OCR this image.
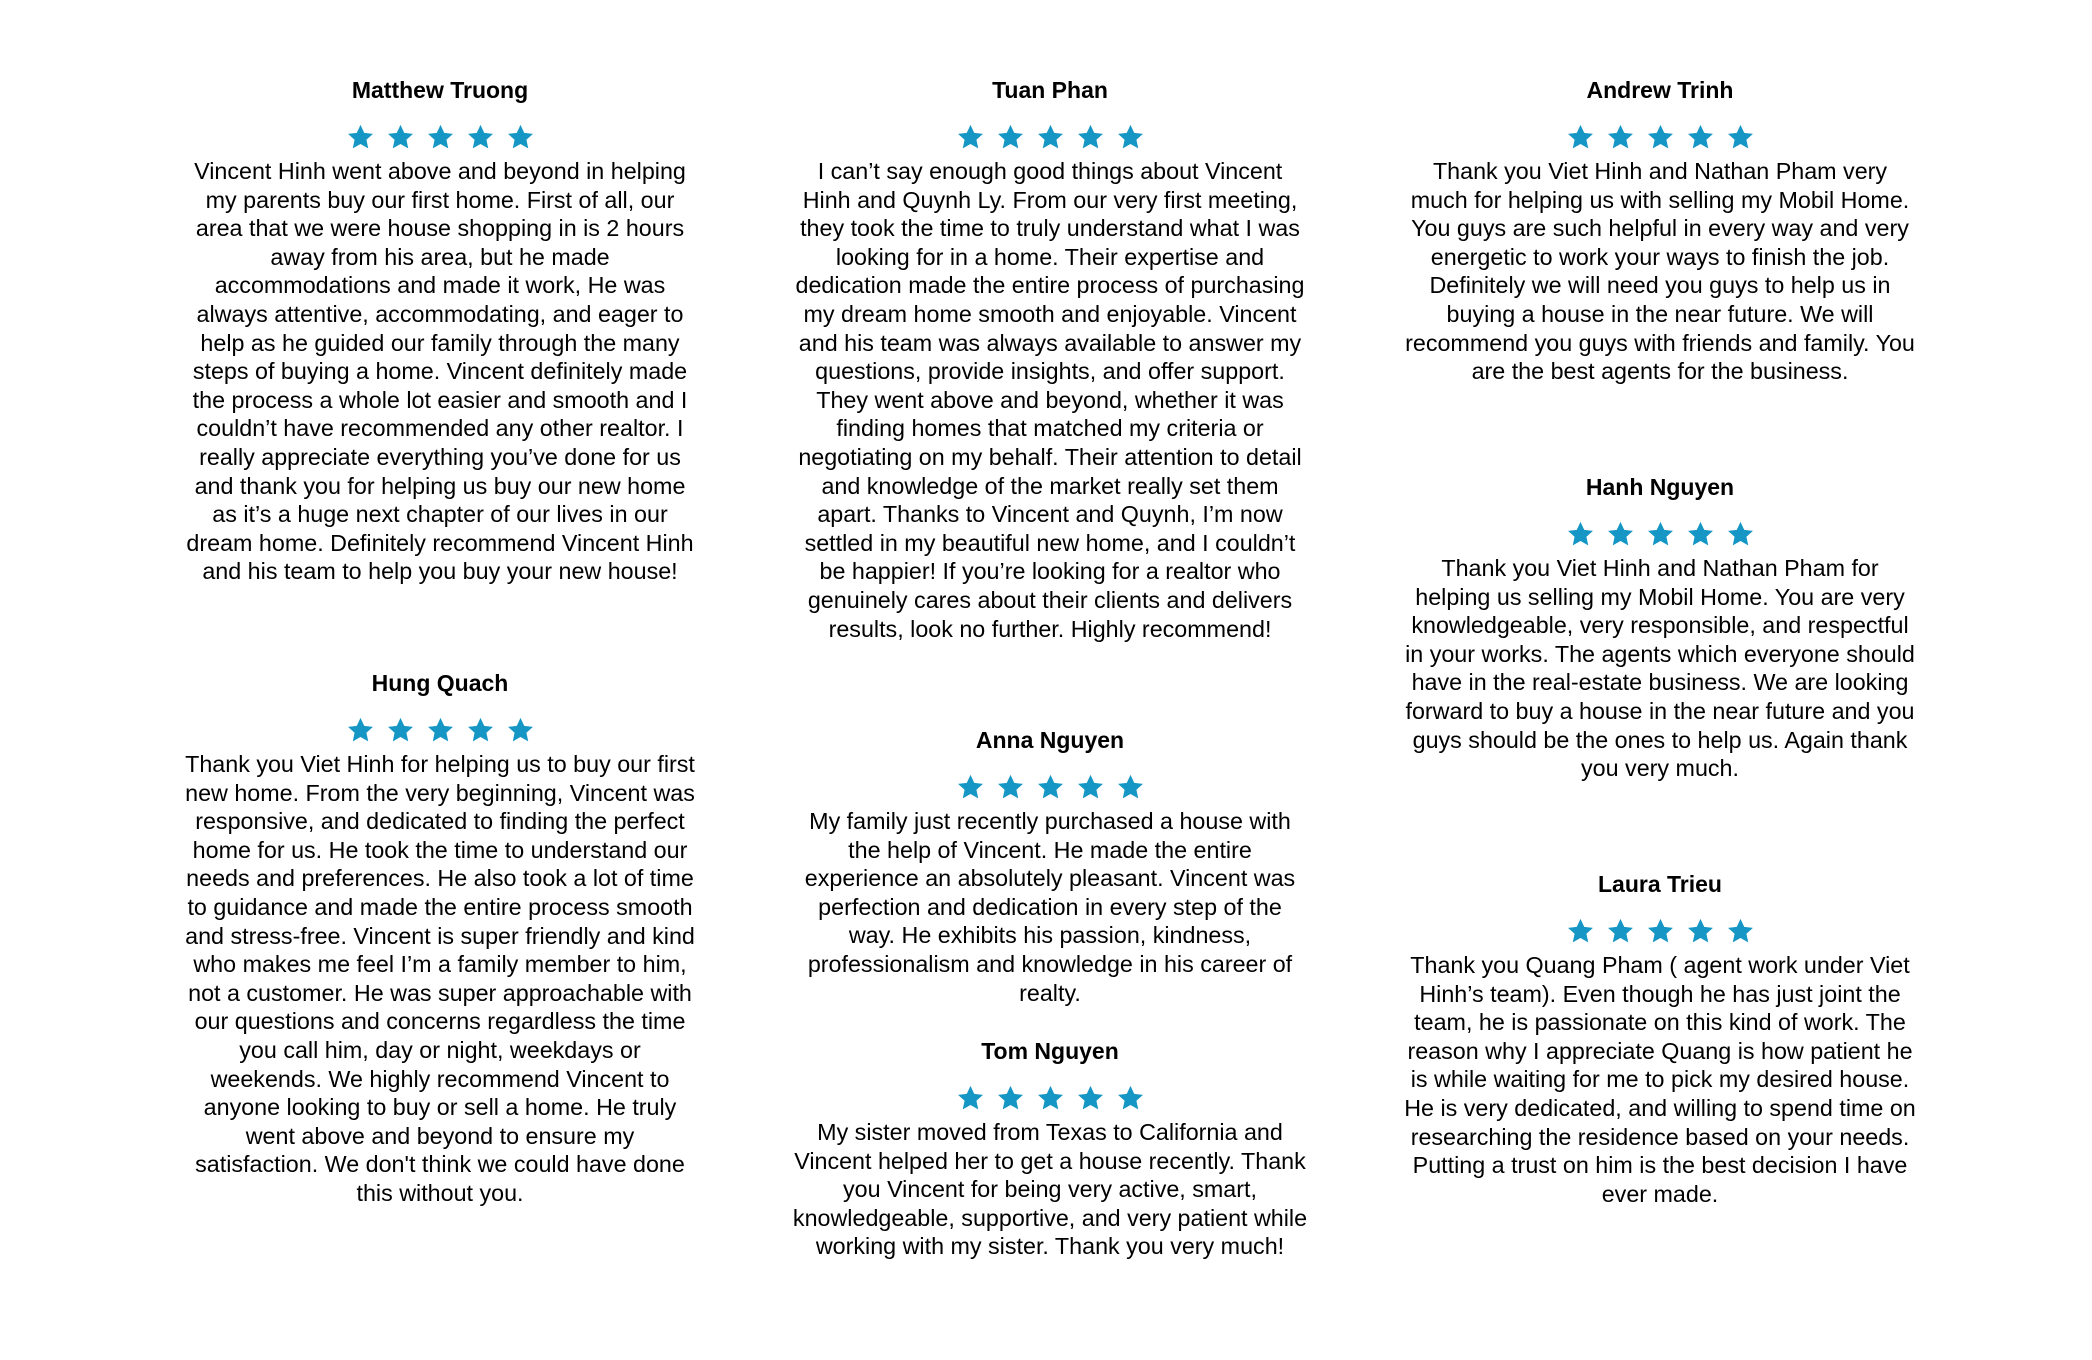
Matthew Truong

Vincent Hinh went above and beyond in helping my parents buy our first home. First of all, our area that we were house shopping in is 2 hours away from his area, but he made accommodations and made it work, He was always attentive, accommodating, and eager to help as he guided our family through the many steps of buying a home. Vincent definitely made the process a whole lot easier and smooth and I couldn’t have recommended any other realtor. I really appreciate everything you’ve done for us and thank you for helping us buy our new home as it’s a huge next chapter of our lives in our dream home. Definitely recommend Vincent Hinh and his team to help you buy your new house!

Hung Quach

Thank you Viet Hinh for helping us to buy our first new home. From the very beginning, Vincent was responsive, and dedicated to finding the perfect home for us. He took the time to understand our needs and preferences. He also took a lot of time to guidance and made the entire process smooth and stress-free. Vincent is super friendly and kind who makes me feel I’m a family member to him, not a customer. He was super approachable with our questions and concerns regardless the time you call him, day or night, weekdays or weekends. We highly recommend Vincent to anyone looking to buy or sell a home. He truly went above and beyond to ensure my satisfaction. We don't think we could have done this without you.

Tuan Phan

I can’t say enough good things about Vincent Hinh and Quynh Ly. From our very first meeting, they took the time to truly understand what I was looking for in a home. Their expertise and dedication made the entire process of purchasing my dream home smooth and enjoyable. Vincent and his team was always available to answer my questions, provide insights, and offer support. They went above and beyond, whether it was finding homes that matched my criteria or negotiating on my behalf. Their attention to detail and knowledge of the market really set them apart. Thanks to Vincent and Quynh, I’m now settled in my beautiful new home, and I couldn’t be happier! If you’re looking for a realtor who genuinely cares about their clients and delivers results, look no further. Highly recommend!

Anna Nguyen

My family just recently purchased a house with the help of Vincent. He made the entire experience an absolutely pleasant. Vincent was perfection and dedication in every step of the way. He exhibits his passion, kindness, professionalism and knowledge in his career of realty.

Tom Nguyen

My sister moved from Texas to California and Vincent helped her to get a house recently. Thank you Vincent for being very active, smart, knowledgeable, supportive, and very patient while working with my sister. Thank you very much!

Andrew Trinh

Thank you Viet Hinh and Nathan Pham very much for helping us with selling my Mobil Home. You guys are such helpful in every way and very energetic to work your ways to finish the job. Definitely we will need you guys to help us in buying a house in the near future. We will recommend you guys with friends and family. You are the best agents for the business.

Hanh Nguyen

Thank you Viet Hinh and Nathan Pham for helping us selling my Mobil Home. You are very knowledgeable, very responsible, and respectful in your works. The agents which everyone should have in the real-estate business. We are looking forward to buy a house in the near future and you guys should be the ones to help us. Again thank you very much.

Laura Trieu

Thank you Quang Pham ( agent work under Viet Hinh’s team). Even though he has just joint the team, he is passionate on this kind of work. The reason why I appreciate Quang is how patient he is while waiting for me to pick my desired house. He is very dedicated, and willing to spend time on researching the residence based on your needs. Putting a trust on him is the best decision I have ever made.
